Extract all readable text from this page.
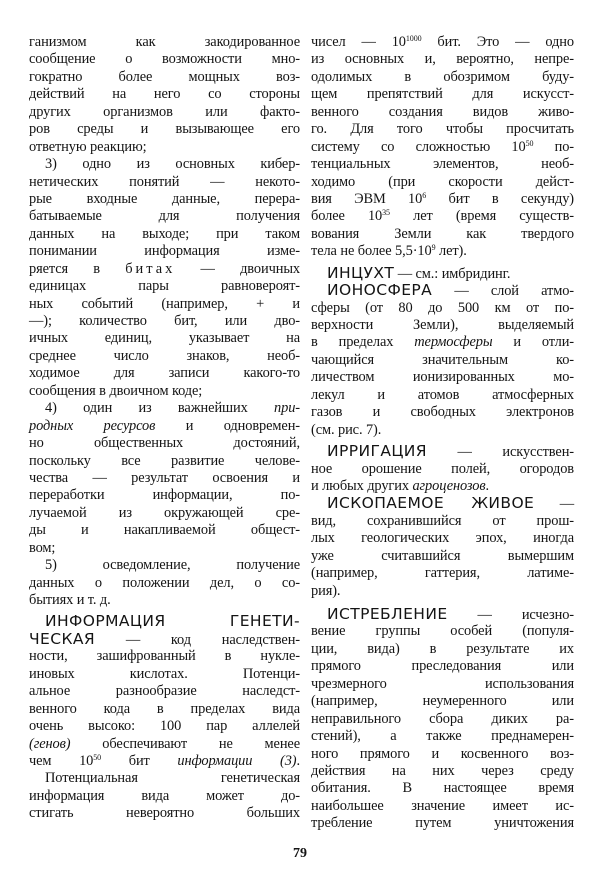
ганизмом как закодированное
сообщение о возможности мно-
гократно более мощных воз-
действий на него со стороны
других организмов или факто-
ров среды и вызывающее его
ответную реакцию;
3) одно из основных кибер-
нетических понятий — некото-
рые входные данные, перера-
батываемые для получения
данных на выходе; при таком
понимании информация изме-
ряется в битах — двоичных
единицах пары равновероят-
ных событий (например, + и
—); количество бит, или дво-
ичных единиц, указывает на
среднее число знаков, необ-
ходимое для записи какого-то
сообщения в двоичном коде;
4) один из важнейших при-
родных ресурсов и одновремен-
но общественных достояний,
поскольку все развитие челове-
чества — результат освоения и
переработки информации, по-
лучаемой из окружающей сре-
ды и накапливаемой общест-
вом;
5) осведомление, получение
данных о положении дел, о со-
бытиях и т. д.
ИНФОРМАЦИЯ ГЕНЕТИ-
ЧЕСКАЯ — код наследствен-
ности, зашифрованный в нукле-
иновых кислотах. Потенци-
альное разнообразие наследст-
венного кода в пределах вида
очень высоко: 100 пар аллелей
(генов) обеспечивают не менее
чем $10^{50}$ бит информации (3).
Потенциальная генетическая
информация вида может до-
стигать невероятно больших
чисел — $10^{1000}$ бит. Это — одно
из основных и, вероятно, непре-
одолимых в обозримом буду-
щем препятствий для искусст-
венного создания видов живо-
го. Для того чтобы просчитать
систему со сложностью $10^{50}$ по-
тенциальных элементов, необ-
ходимо (при скорости дейст-
вия ЭВМ $10^6$ бит в секунду)
более $10^{35}$ лет (время существ-
вования Земли как твердого
тела не более $5,5\cdot 10^9$ лет).
ИНЦУХТ — см.: имбридинг.
ИОНОСФЕРА — слой атмо-
сферы (от 80 до 500 км от по-
верхности Земли), выделяемый
в пределах термосферы и отли-
чающийся значительным ко-
личеством ионизированных мо-
лекул и атомов атмосферных
газов и свободных электронов
(см. рис. 7).
ИРРИГАЦИЯ — искусствен-
ное орошение полей, огородов
и любых других агроценозов.
ИСКОПАЕМОЕ ЖИВОЕ —
вид, сохранившийся от прош-
лых геологических эпох, иногда
уже считавшийся вымершим
(например, гаттерия, латиме-
рия).
ИСТРЕБЛЕНИЕ — исчезно-
вение группы особей (популя-
ции, вида) в результате их
прямого преследования или
чрезмерного использования
(например, неумеренного или
неправильного сбора диких ра-
стений), а также преднамерен-
ного прямого и косвенного воз-
действия на них через среду
обитания. В настоящее время
наибольшее значение имеет ис-
требление путем уничтожения
79
